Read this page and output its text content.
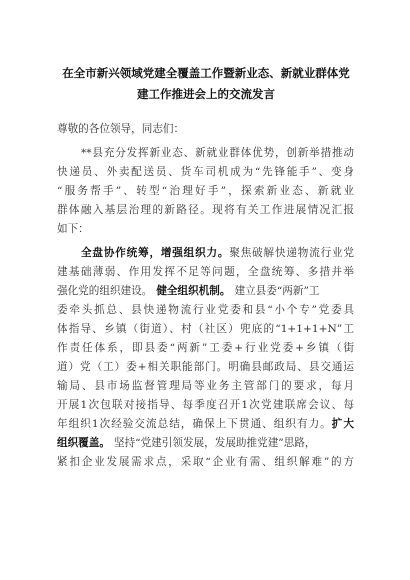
在全市新兴领域党建全覆盖工作暨新业态、新就业群体党
建工作推进会上的交流发言
尊敬的各位领导，同志们：
**县充分发挥新业态、新就业群体优势，创新举措推动
快递员、外卖配送员、货车司机成为“先锋能手”、变身
“服务帮手”、转型“治理好手”，探索新业态、新就业
群体融入基层治理的新路径。现将有关工作进展情况汇报
如下：
全盘协作统筹，增强组织力。聚焦破解快递物流行业党
建基础薄弱、作用发挥不足等问题，全盘统筹、多措并举
强化党的组织建设。 健全组织机制。 建立县委“两新”工
委牵头抓总、县快递物流行业党委和县“小个专”党委具
体指导、乡镇（街道）、村（社区）兜底的“1+1+1+N”工
作责任体系，即县委“两新”工委+行业党委+乡镇（街
道）党（工）委+相关职能部门。明确县邮政局、县交通运
输局、县市场监督管理局等业务主管部门的要求，每月
开展1次包联对接指导、每季度召开1次党建联席会议、每
年组织1次经验交流总结，确保上下贯通、组织有力。扩大
组织覆盖。 坚持“党建引领发展，发展助推党建”思路，
紧扣企业发展需求点，采取“企业有需、组织解难”的方
